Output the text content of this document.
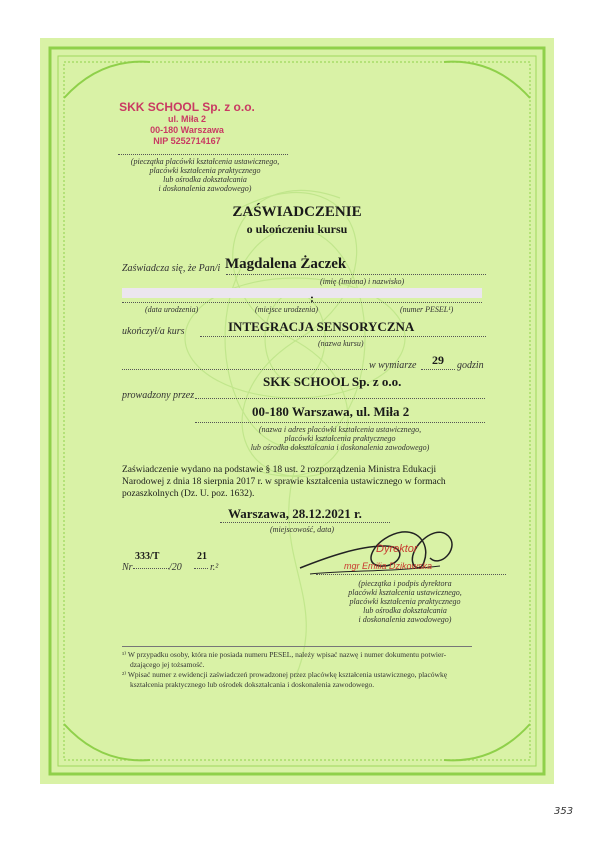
SKK SCHOOL Sp. z o.o.
ul. Miła 2
00-180 Warszawa
NIP 5252714167
(pieczątka placówki kształcenia ustawicznego,
placówki kształcenia praktycznego
lub ośrodka dokształcania
i doskonalenia zawodowego)
ZAŚWIADCZENIE
o ukończeniu kursu
Zaświadcza się, że Pan/i Magdalena Żaczek
(imię (imiona) i nazwisko)
:
(data urodzenia)	(miejsce urodzenia)	(numer PESEL¹)
ukończył/a kurs	INTEGRACJA SENSORYCZNA
(nazwa kursu)
w wymiarze 29 godzin
prowadzony przez
SKK SCHOOL Sp. z o.o.
00-180 Warszawa, ul. Miła 2
(nazwa i adres placówki kształcenia ustawicznego,
placówki kształcenia praktycznego
lub ośrodka dokształcania i doskonalenia zawodowego)
Zaświadczenie wydano na podstawie § 18 ust. 2 rozporządzenia Ministra Edukacji
Narodowej z dnia 18 sierpnia 2017 r. w sprawie kształcenia ustawicznego w formach
pozaszkolnych (Dz. U. poz. 1632).
Warszawa, 28.12.2021 r.
(miejscowość, data)
Nr
333/T
/20
21
r.²
Dyrektor
mgr Emilia Dzikowska
(pieczątka i podpis dyrektora
placówki kształcenia ustawicznego,
placówki kształcenia praktycznego
lub ośrodka dokształcania
i doskonalenia zawodowego)
¹⁾ W przypadku osoby, która nie posiada numeru PESEL, należy wpisać nazwę i numer dokumentu potwier-
dzającego jej tożsamość.
²⁾ Wpisać numer z ewidencji zaświadczeń prowadzonej przez placówkę kształcenia ustawicznego, placówkę
kształcenia praktycznego lub ośrodek dokształcania i doskonalenia zawodowego.
353
